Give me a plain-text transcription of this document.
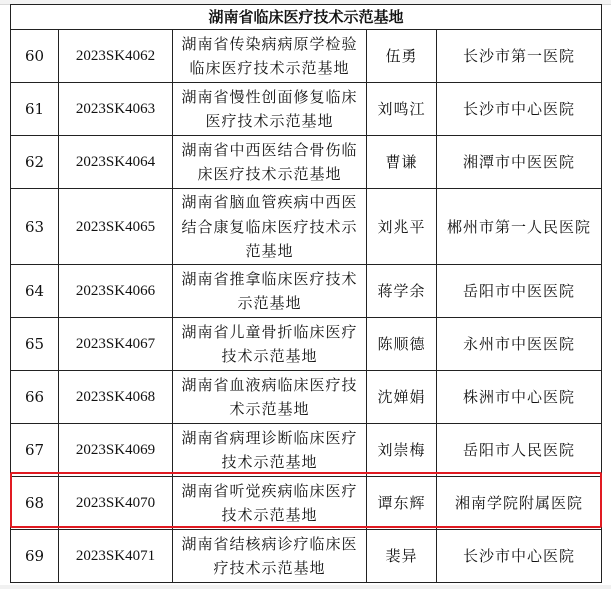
湖南省临床医疗技术示范基地				
60	2023SK4062	湖南省传染病病原学检验临床医疗技术示范基地	伍勇	长沙市第一医院
61	2023SK4063	湖南省慢性创面修复临床医疗技术示范基地	刘鸣江	长沙市中心医院
62	2023SK4064	湖南省中西医结合骨伤临床医疗技术示范基地	曹谦	湘潭市中医医院
63	2023SK4065	湖南省脑血管疾病中西医结合康复临床医疗技术示范基地	刘兆平	郴州市第一人民医院
64	2023SK4066	湖南省推拿临床医疗技术示范基地	蒋学余	岳阳市中医医院
65	2023SK4067	湖南省儿童骨折临床医疗技术示范基地	陈顺德	永州市中医医院
66	2023SK4068	湖南省血液病临床医疗技术示范基地	沈婵娟	株洲市中心医院
67	2023SK4069	湖南省病理诊断临床医疗技术示范基地	刘崇梅	岳阳市人民医院
68	2023SK4070	湖南省听觉疾病临床医疗技术示范基地	谭东辉	湘南学院附属医院
69	2023SK4071	湖南省结核病诊疗临床医疗技术示范基地	裴异	长沙市中心医院
